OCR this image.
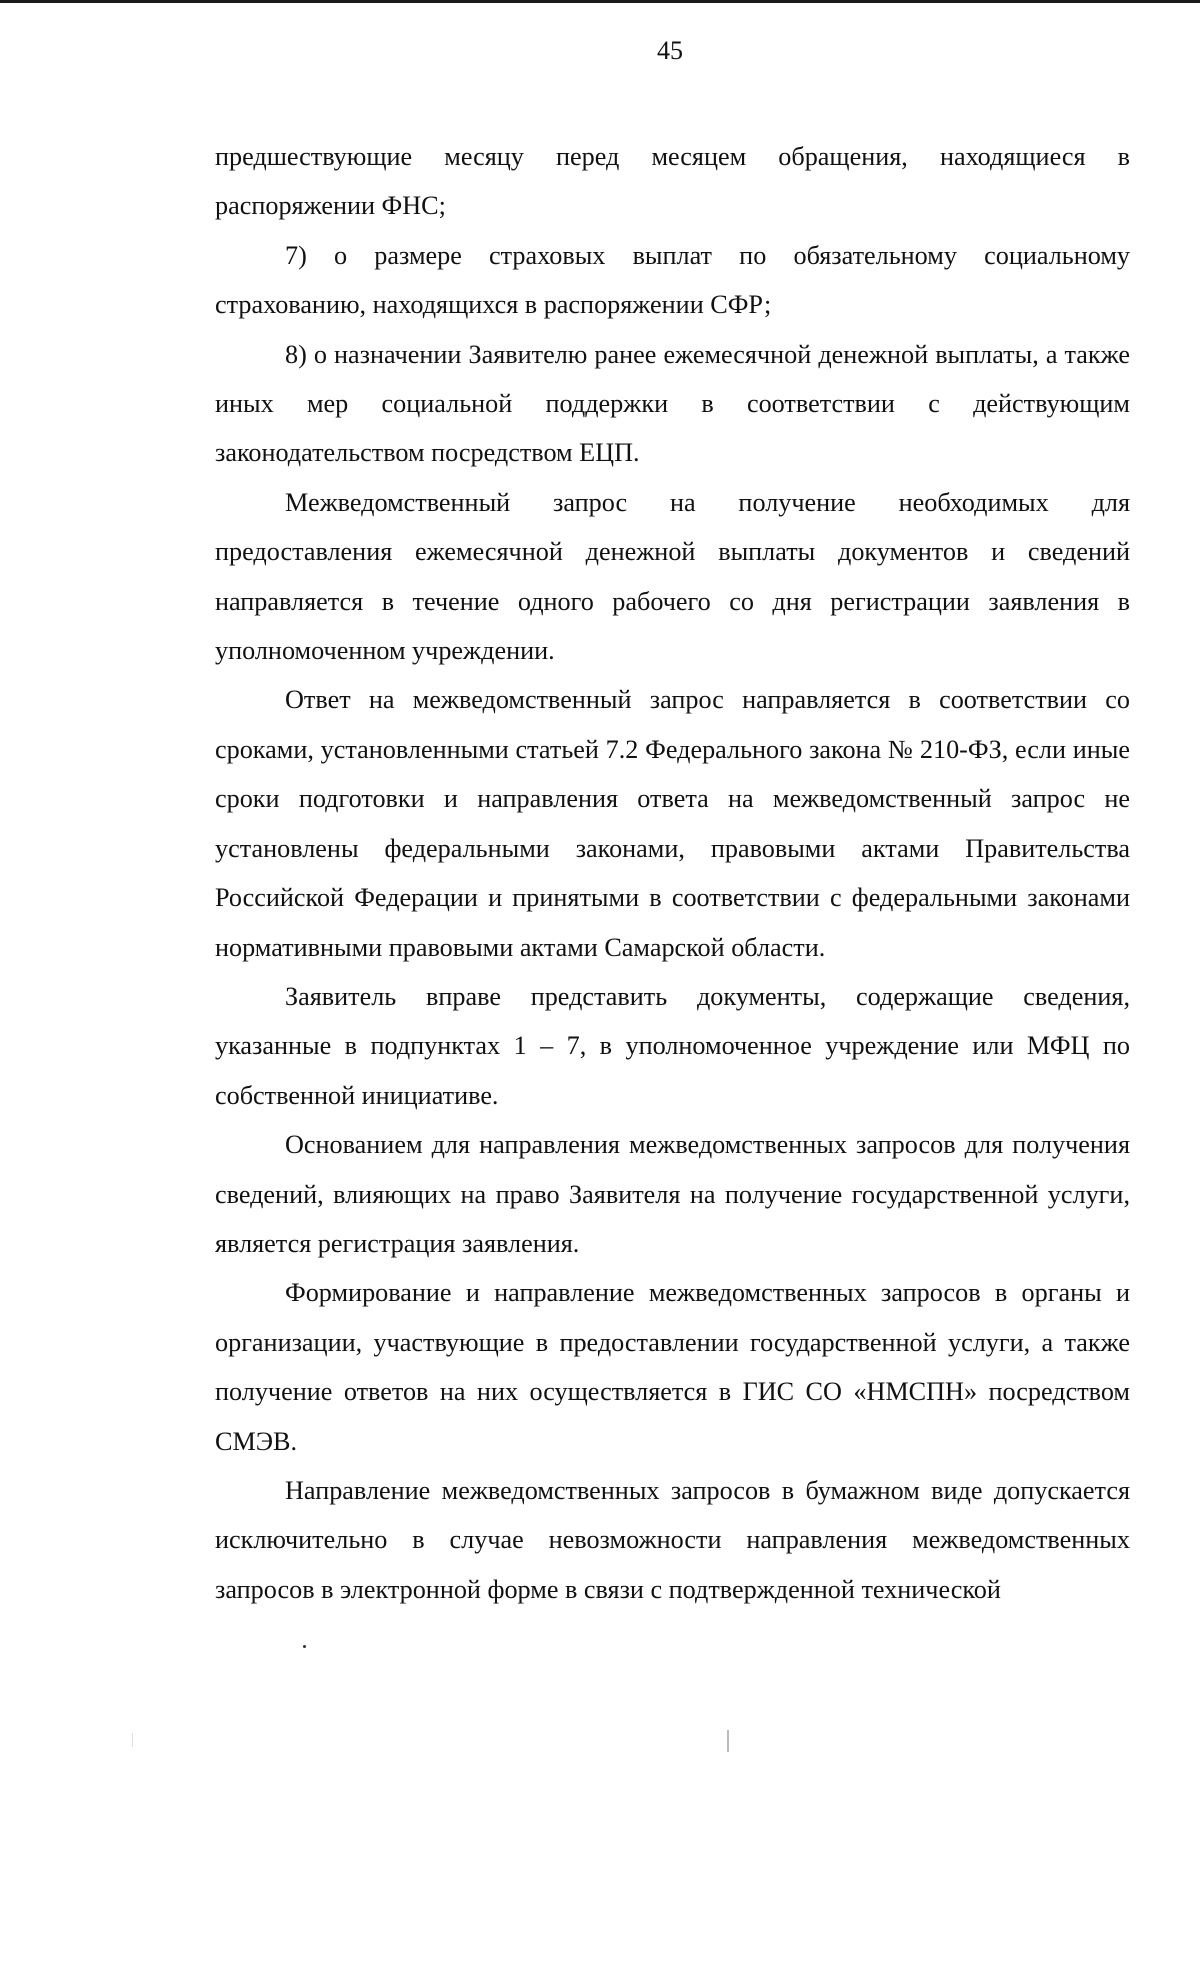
45

предшествующие месяцу перед месяцем обращения, находящиеся в распоряжении ФНС;

7) о размере страховых выплат по обязательному социальному страхованию, находящихся в распоряжении СФР;

8) о назначении Заявителю ранее ежемесячной денежной выплаты, а также иных мер социальной поддержки в соответствии с действующим законодательством посредством ЕЦП.

Межведомственный запрос на получение необходимых для предоставления ежемесячной денежной выплаты документов и сведений направляется в течение одного рабочего со дня регистрации заявления в уполномоченном учреждении.

Ответ на межведомственный запрос направляется в соответствии со сроками, установленными статьей 7.2 Федерального закона № 210-ФЗ, если иные сроки подготовки и направления ответа на межведомственный запрос не установлены федеральными законами, правовыми актами Правительства Российской Федерации и принятыми в соответствии с федеральными законами нормативными правовыми актами Самарской области.

Заявитель вправе представить документы, содержащие сведения, указанные в подпунктах 1 – 7, в уполномоченное учреждение или МФЦ по собственной инициативе.

Основанием для направления межведомственных запросов для получения сведений, влияющих на право Заявителя на получение государственной услуги, является регистрация заявления.

Формирование и направление межведомственных запросов в органы и организации, участвующие в предоставлении государственной услуги, а также получение ответов на них осуществляется в ГИС СО «НМСПН» посредством СМЭВ.

Направление межведомственных запросов в бумажном виде допускается исключительно в случае невозможности направления межведомственных запросов в электронной форме в связи с подтвержденной технической
